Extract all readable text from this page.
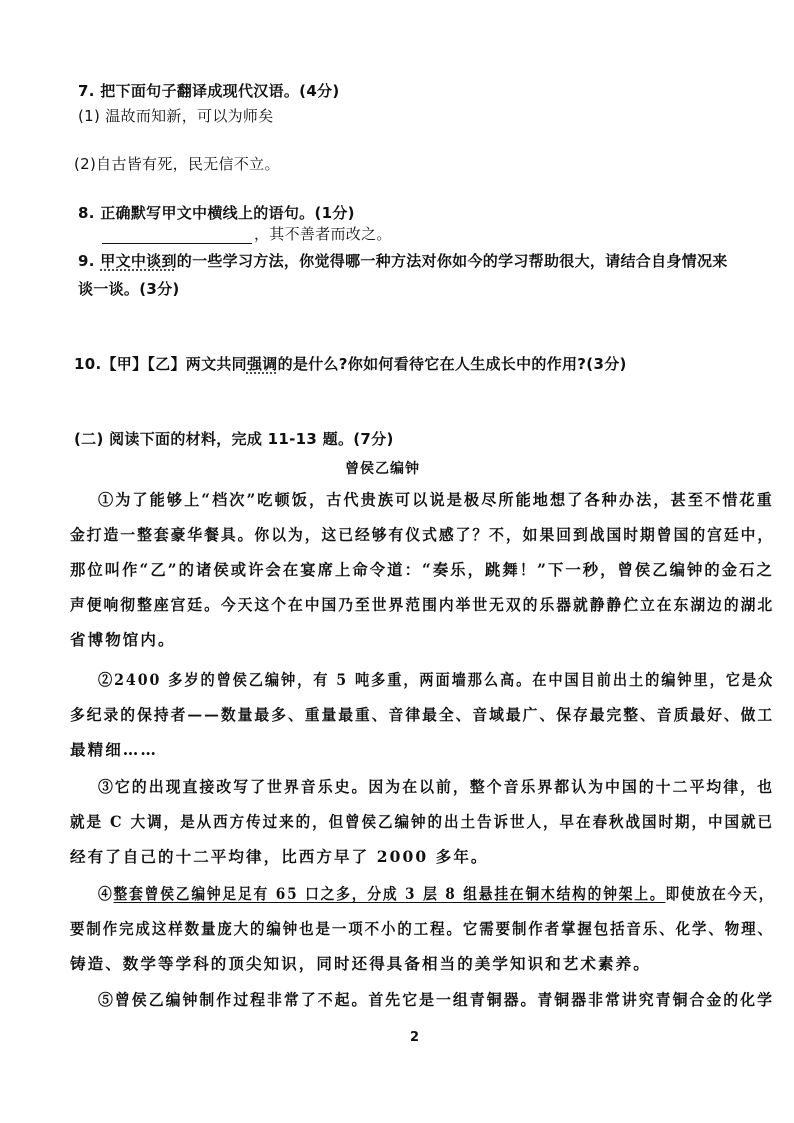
7. 把下面句子翻译成现代汉语。(4分)
(1) 温故而知新，可以为师矣
(2)自古皆有死，民无信不立。
8. 正确默写甲文中横线上的语句。(1分)
，其不善者而改之。
9. 甲文中谈到的一些学习方法，你觉得哪一种方法对你如今的学习帮助很大，请结合自身情况来
谈一谈。(3分)
10.【甲】【乙】两文共同强调的是什么?你如何看待它在人生成长中的作用?(3分)
(二) 阅读下面的材料，完成 11-13 题。(7分)
曾侯乙编钟
①为了能够上“档次”吃顿饭，古代贵族可以说是极尽所能地想了各种办法，甚至不惜花重
金打造一整套豪华餐具。你以为，这已经够有仪式感了？不，如果回到战国时期曾国的宫廷中，
那位叫作“乙”的诸侯或许会在宴席上命令道：“奏乐，跳舞！”下一秒，曾侯乙编钟的金石之
声便响彻整座宫廷。今天这个在中国乃至世界范围内举世无双的乐器就静静伫立在东湖边的湖北
省博物馆内。
②2400 多岁的曾侯乙编钟，有 5 吨多重，两面墙那么高。在中国目前出土的编钟里，它是众
多纪录的保持者——数量最多、重量最重、音律最全、音域最广、保存最完整、音质最好、做工
最精细……
③它的出现直接改写了世界音乐史。因为在以前，整个音乐界都认为中国的十二平均律，也
就是 C 大调，是从西方传过来的，但曾侯乙编钟的出土告诉世人，早在春秋战国时期，中国就已
经有了自己的十二平均律，比西方早了 2000 多年。
④整套曾侯乙编钟足足有 65 口之多，分成 3 层 8 组悬挂在铜木结构的钟架上。即使放在今天，
要制作完成这样数量庞大的编钟也是一项不小的工程。它需要制作者掌握包括音乐、化学、物理、
铸造、数学等学科的顶尖知识，同时还得具备相当的美学知识和艺术素养。
⑤曾侯乙编钟制作过程非常了不起。首先它是一组青铜器。青铜器非常讲究青铜合金的化学
2
